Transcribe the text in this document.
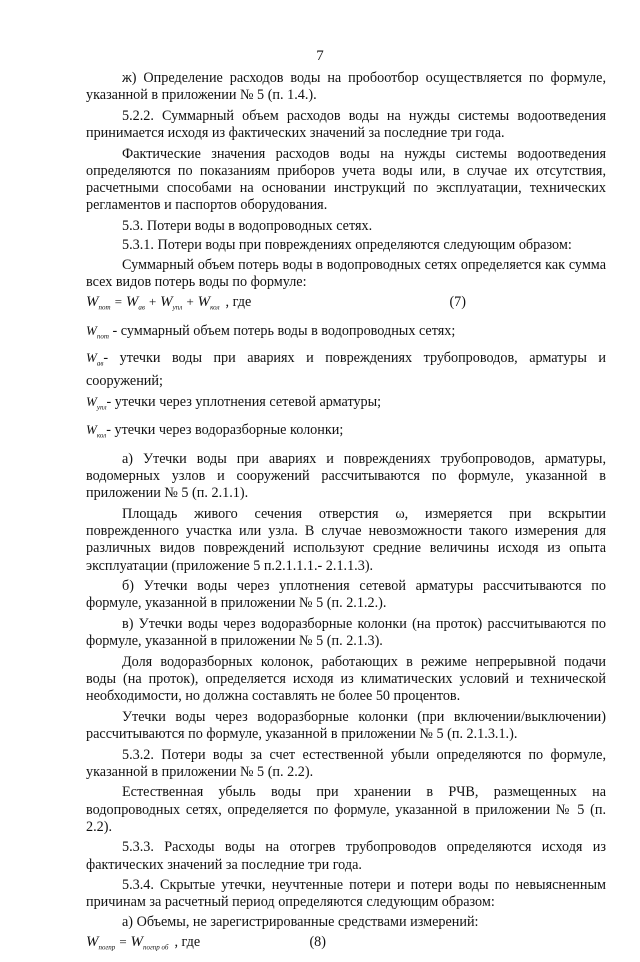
7

ж) Определение расходов воды на пробоотбор осуществляется по формуле, указанной в приложении № 5 (п. 1.4.).

5.2.2. Суммарный объем расходов воды на нужды системы водоотведения принимается исходя из фактических значений за последние три года.

Фактические значения расходов воды на нужды системы водоотведения определяются по показаниям приборов учета воды или, в случае их отсутствия, расчетными способами на основании инструкций по эксплуатации, технических регламентов и паспортов оборудования.

5.3. Потери воды в водопроводных сетях.

5.3.1. Потери воды при повреждениях определяются следующим образом:

Суммарный объем потерь воды в водопроводных сетях определяется как сумма всех видов потерь воды по формуле:

$W_{пот} = W_{ав} + W_{упл} + W_{кол}$ , где	(7)

$W_{пот}$ - суммарный объем потерь воды в водопроводных сетях;

$W_{ав}-$ утечки воды при авариях и повреждениях трубопроводов, арматуры и сооружений;

$W_{упл}-$ утечки через уплотнения сетевой арматуры;

$W_{кол}-$ утечки через водоразборные колонки;

а) Утечки воды при авариях и повреждениях трубопроводов, арматуры, водомерных узлов и сооружений рассчитываются по формуле, указанной в приложении № 5 (п. 2.1.1).

Площадь живого сечения отверстия ω, измеряется при вскрытии поврежденного участка или узла. В случае невозможности такого измерения для различных видов повреждений используют средние величины исходя из опыта эксплуатации (приложение 5 п.2.1.1.1.- 2.1.1.3).

б) Утечки воды через уплотнения сетевой арматуры рассчитываются по формуле, указанной в приложении № 5 (п. 2.1.2.).

в) Утечки воды через водоразборные колонки (на проток) рассчитываются по формуле, указанной в приложении № 5 (п. 2.1.3).

Доля водоразборных колонок, работающих в режиме непрерывной подачи воды (на проток), определяется исходя из климатических условий и технической необходимости, но должна составлять не более 50 процентов.

Утечки воды через водоразборные колонки (при включении/выключении) рассчитываются по формуле, указанной в приложении № 5 (п. 2.1.3.1.).

5.3.2. Потери воды за счет естественной убыли определяются по формуле, указанной в приложении № 5 (п. 2.2).

Естественная убыль воды при хранении в РЧВ, размещенных на водопроводных сетях, определяется по формуле, указанной в приложении № 5 (п. 2.2).

5.3.3. Расходы воды на отогрев трубопроводов определяются исходя из фактических значений за последние три года.

5.3.4. Скрытые утечки, неучтенные потери и потери воды по невыясненным причинам за расчетный период определяются следующим образом:

а) Объемы, не зарегистрированные средствами измерений:

$W_{погпр} = W_{погпр об}$ , где	(8)
